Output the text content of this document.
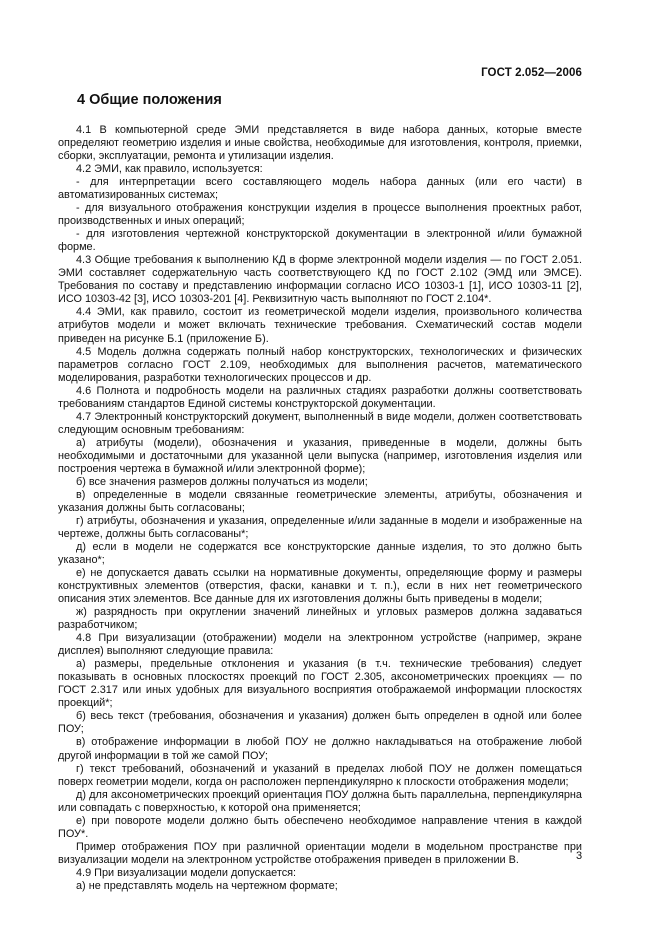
ГОСТ 2.052—2006
4 Общие положения

4.1 В компьютерной среде ЭМИ представляется в виде набора данных, которые вместе определяют геометрию изделия и иные свойства, необходимые для изготовления, контроля, приемки, сборки, эксплуатации, ремонта и утилизации изделия.

4.2 ЭМИ, как правило, используется:

- для интерпретации всего составляющего модель набора данных (или его части) в автоматизированных системах;

- для визуального отображения конструкции изделия в процессе выполнения проектных работ, производственных и иных операций;

- для изготовления чертежной конструкторской документации в электронной и/или бумажной форме.

4.3 Общие требования к выполнению КД в форме электронной модели изделия — по ГОСТ 2.051. ЭМИ составляет содержательную часть соответствующего КД по ГОСТ 2.102 (ЭМД или ЭМСЕ). Требования по составу и представлению информации согласно ИСО 10303-1 [1], ИСО 10303-11 [2], ИСО 10303-42 [3], ИСО 10303-201 [4]. Реквизитную часть выполняют по ГОСТ 2.104*.

4.4 ЭМИ, как правило, состоит из геометрической модели изделия, произвольного количества атрибутов модели и может включать технические требования. Схематический состав модели приведен на рисунке Б.1 (приложение Б).

4.5 Модель должна содержать полный набор конструкторских, технологических и физических параметров согласно ГОСТ 2.109, необходимых для выполнения расчетов, математического моделирования, разработки технологических процессов и др.

4.6 Полнота и подробность модели на различных стадиях разработки должны соответствовать требованиям стандартов Единой системы конструкторской документации.

4.7 Электронный конструкторский документ, выполненный в виде модели, должен соответствовать следующим основным требованиям:

а) атрибуты (модели), обозначения и указания, приведенные в модели, должны быть необходимыми и достаточными для указанной цели выпуска (например, изготовления изделия или построения чертежа в бумажной и/или электронной форме);

б) все значения размеров должны получаться из модели;

в) определенные в модели связанные геометрические элементы, атрибуты, обозначения и указания должны быть согласованы;

г) атрибуты, обозначения и указания, определенные и/или заданные в модели и изображенные на чертеже, должны быть согласованы*;

д) если в модели не содержатся все конструкторские данные изделия, то это должно быть указано*;

е) не допускается давать ссылки на нормативные документы, определяющие форму и размеры конструктивных элементов (отверстия, фаски, канавки и т. п.), если в них нет геометрического описания этих элементов. Все данные для их изготовления должны быть приведены в модели;

ж) разрядность при округлении значений линейных и угловых размеров должна задаваться разработчиком;

4.8 При визуализации (отображении) модели на электронном устройстве (например, экране дисплея) выполняют следующие правила:

а) размеры, предельные отклонения и указания (в т.ч. технические требования) следует показывать в основных плоскостях проекций по ГОСТ 2.305, аксонометрических проекциях — по ГОСТ 2.317 или иных удобных для визуального восприятия отображаемой информации плоскостях проекций*;

б) весь текст (требования, обозначения и указания) должен быть определен в одной или более ПОУ;

в) отображение информации в любой ПОУ не должно накладываться на отображение любой другой информации в той же самой ПОУ;

г) текст требований, обозначений и указаний в пределах любой ПОУ не должен помещаться поверх геометрии модели, когда он расположен перпендикулярно к плоскости отображения модели;

д) для аксонометрических проекций ориентация ПОУ должна быть параллельна, перпендикулярна или совпадать с поверхностью, к которой она применяется;

е) при повороте модели должно быть обеспечено необходимое направление чтения в каждой ПОУ*.

Пример отображения ПОУ при различной ориентации модели в модельном пространстве при визуализации модели на электронном устройстве отображения приведен в приложении В.

4.9 При визуализации модели допускается:

а) не представлять модель на чертежном формате;

3
